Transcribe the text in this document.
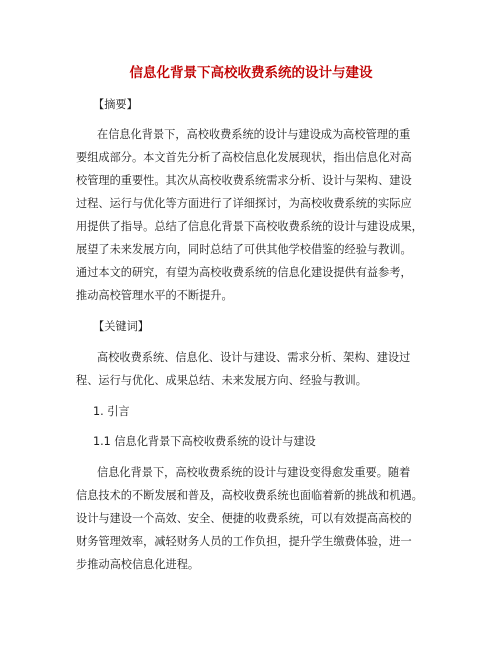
信息化背景下高校收费系统的设计与建设
【摘要】
在信息化背景下，高校收费系统的设计与建设成为高校管理的重
要组成部分。本文首先分析了高校信息化发展现状，指出信息化对高
校管理的重要性。其次从高校收费系统需求分析、设计与架构、建设
过程、运行与优化等方面进行了详细探讨，为高校收费系统的实际应
用提供了指导。总结了信息化背景下高校收费系统的设计与建设成果，
展望了未来发展方向，同时总结了可供其他学校借鉴的经验与教训。
通过本文的研究，有望为高校收费系统的信息化建设提供有益参考，
推动高校管理水平的不断提升。
【关键词】
高校收费系统、信息化、设计与建设、需求分析、架构、建设过
程、运行与优化、成果总结、未来发展方向、经验与教训。
1. 引言
1.1 信息化背景下高校收费系统的设计与建设
信息化背景下，高校收费系统的设计与建设变得愈发重要。随着
信息技术的不断发展和普及，高校收费系统也面临着新的挑战和机遇。
设计与建设一个高效、安全、便捷的收费系统，可以有效提高高校的
财务管理效率，减轻财务人员的工作负担，提升学生缴费体验，进一
步推动高校信息化进程。
